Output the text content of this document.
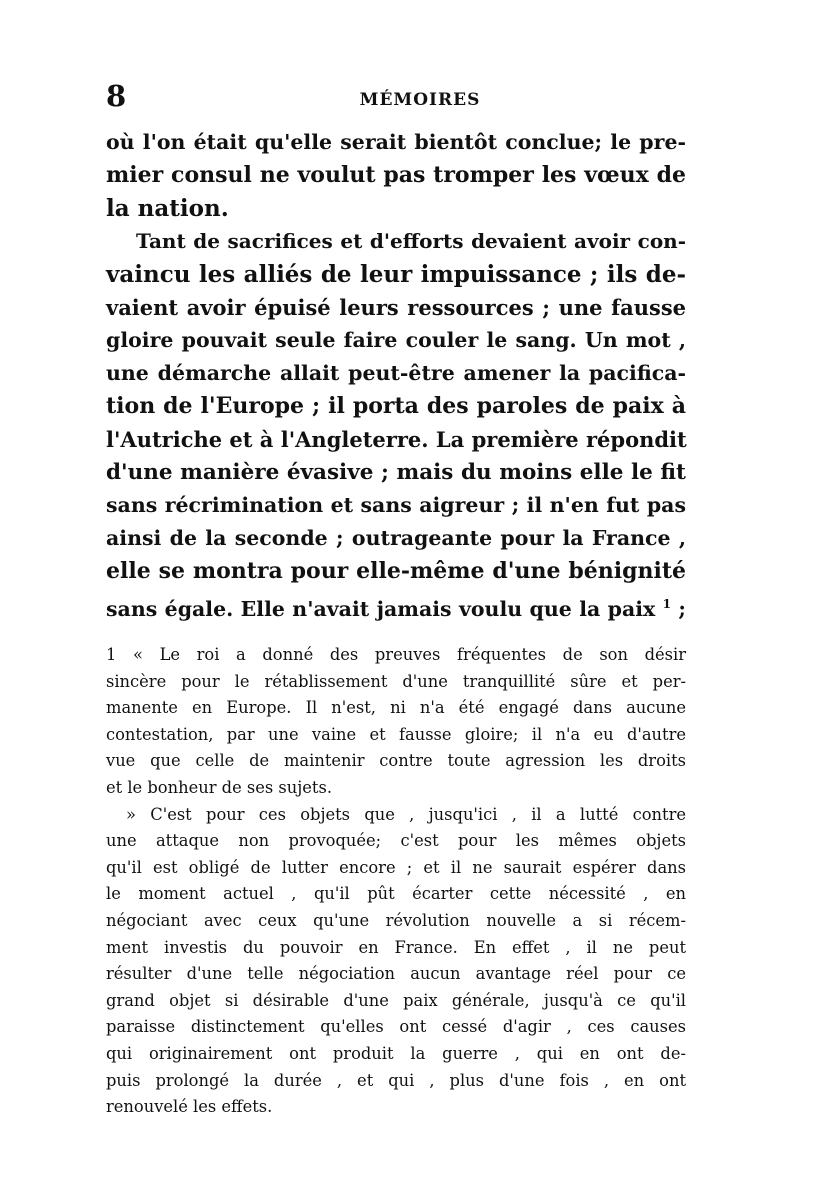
8	MÉMOIRES
où l'on était qu'elle serait bientôt conclue; le pre-
mier consul ne voulut pas tromper les vœux de
la nation.
Tant de sacrifices et d'efforts devaient avoir con-
vaincu les alliés de leur impuissance ; ils de-
vaient avoir épuisé leurs ressources ; une fausse
gloire pouvait seule faire couler le sang. Un mot ,
une démarche allait peut-être amener la pacifica-
tion de l'Europe ; il porta des paroles de paix à
l'Autriche et à l'Angleterre. La première répondit
d'une manière évasive ; mais du moins elle le fit
sans récrimination et sans aigreur ; il n'en fut pas
ainsi de la seconde ; outrageante pour la France ,
elle se montra pour elle-même d'une bénignité
sans égale. Elle n'avait jamais voulu que la paix $^1$ ;
1 « Le roi a donné des preuves fréquentes de son désir
sincère pour le rétablissement d'une tranquillité sûre et per-
manente en Europe. Il n'est, ni n'a été engagé dans aucune
contestation, par une vaine et fausse gloire; il n'a eu d'autre
vue que celle de maintenir contre toute agression les droits
et le bonheur de ses sujets.
» C'est pour ces objets que , jusqu'ici , il a lutté contre
une attaque non provoquée; c'est pour les mêmes objets
qu'il est obligé de lutter encore ; et il ne saurait espérer dans
le moment actuel , qu'il pût écarter cette nécessité , en
négociant avec ceux qu'une révolution nouvelle a si récem-
ment investis du pouvoir en France. En effet , il ne peut
résulter d'une telle négociation aucun avantage réel pour ce
grand objet si désirable d'une paix générale, jusqu'à ce qu'il
paraisse distinctement qu'elles ont cessé d'agir , ces causes
qui originairement ont produit la guerre , qui en ont de-
puis prolongé la durée , et qui , plus d'une fois , en ont
renouvelé les effets.
